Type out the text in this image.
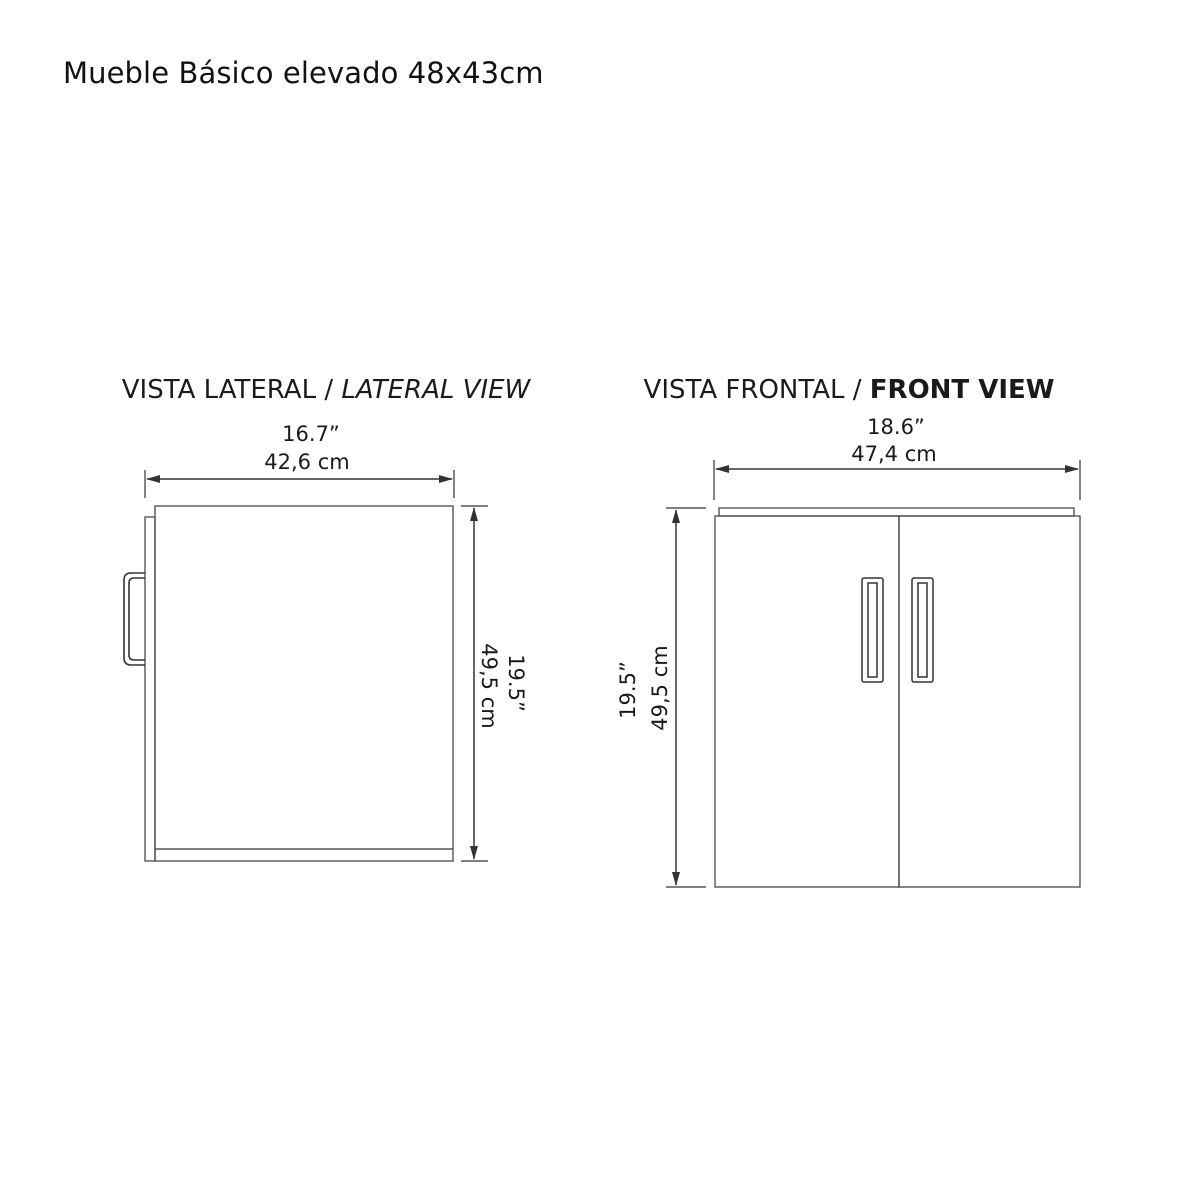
Mueble Básico elevado 48x43cm
VISTA LATERAL / LATERAL VIEW
16.7”
42,6 cm
19.5”
49,5 cm
VISTA FRONTAL / FRONT VIEW
18.6”
47,4 cm
19.5” 49,5 cm
